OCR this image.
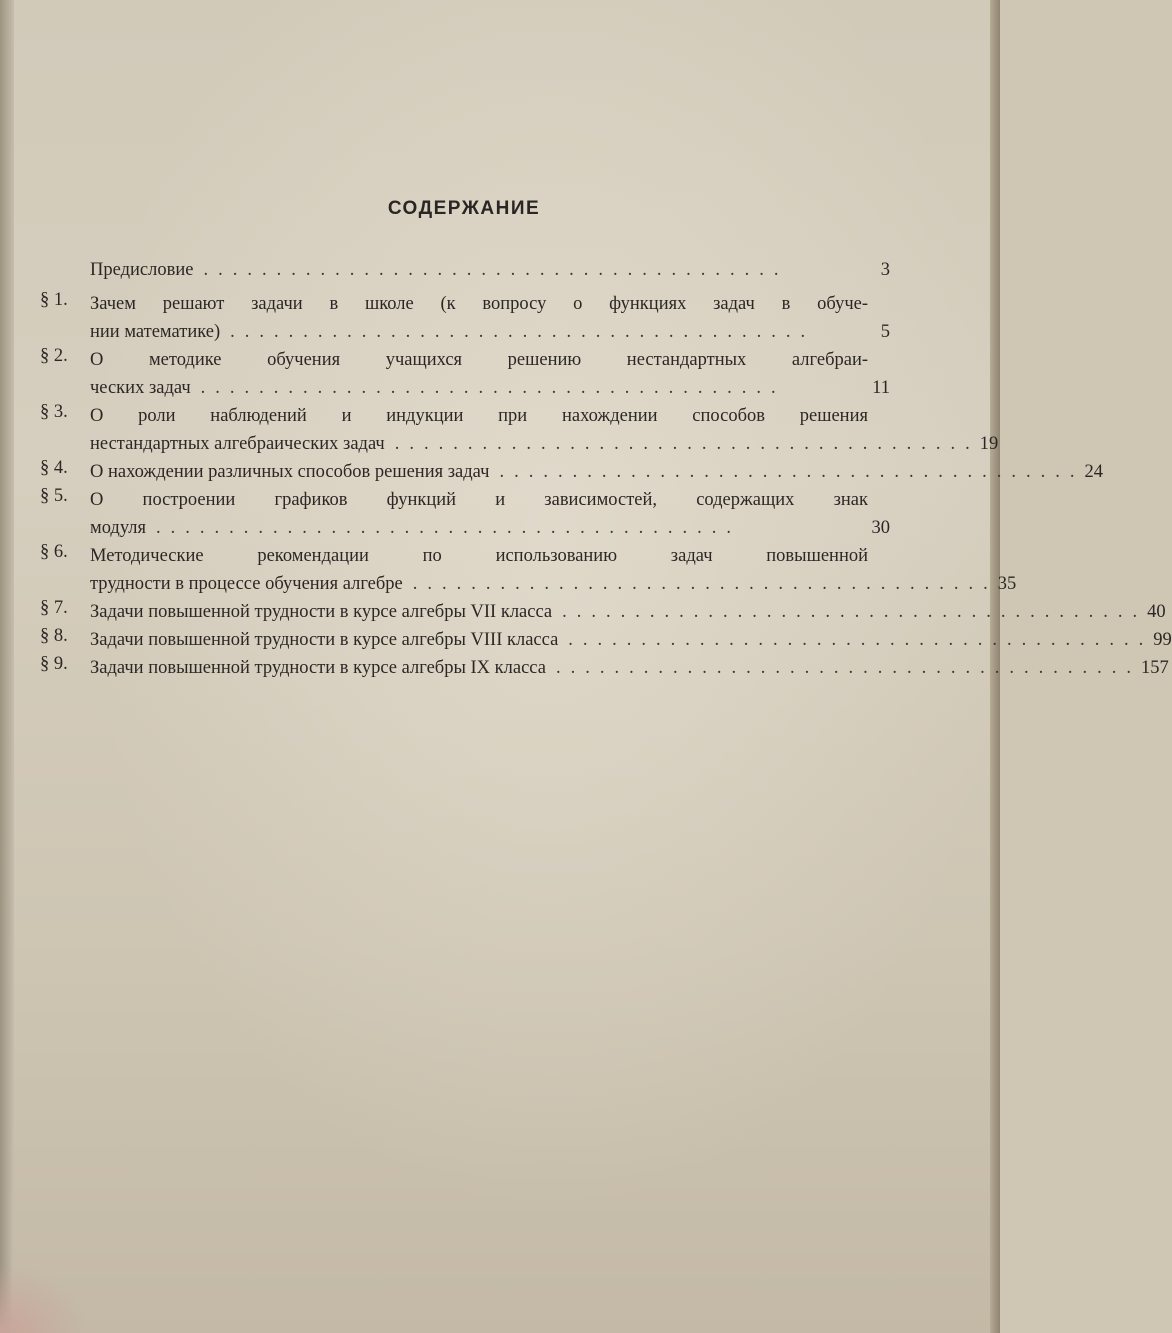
СОДЕРЖАНИЕ
Предисловие ........................................	3
§ 1.	Зачем решают задачи в школе (к вопросу о функциях задач в обуче-
нии математике) ........................................	5
§ 2.	О методике обучения учащихся решению нестандартных алгебраи-
ческих задач ........................................	11
§ 3.	О роли наблюдений и индукции при нахождении способов решения
нестандартных алгебраических задач ........................................ 19
§ 4.	О нахождении различных способов решения задач ........................................ 24
§ 5.	О построении графиков функций и зависимостей, содержащих знак
модуля ........................................	30
§ 6.	Методические рекомендации по использованию задач повышенной
трудности в процессе обучения алгебре ........................................ 35
§ 7.	Задачи повышенной трудности в курсе алгебры VII класса ........................................ 40
§ 8.	Задачи повышенной трудности в курсе алгебры VIII класса ........................................ 99
§ 9.	Задачи повышенной трудности в курсе алгебры IX класса ........................................ 157
